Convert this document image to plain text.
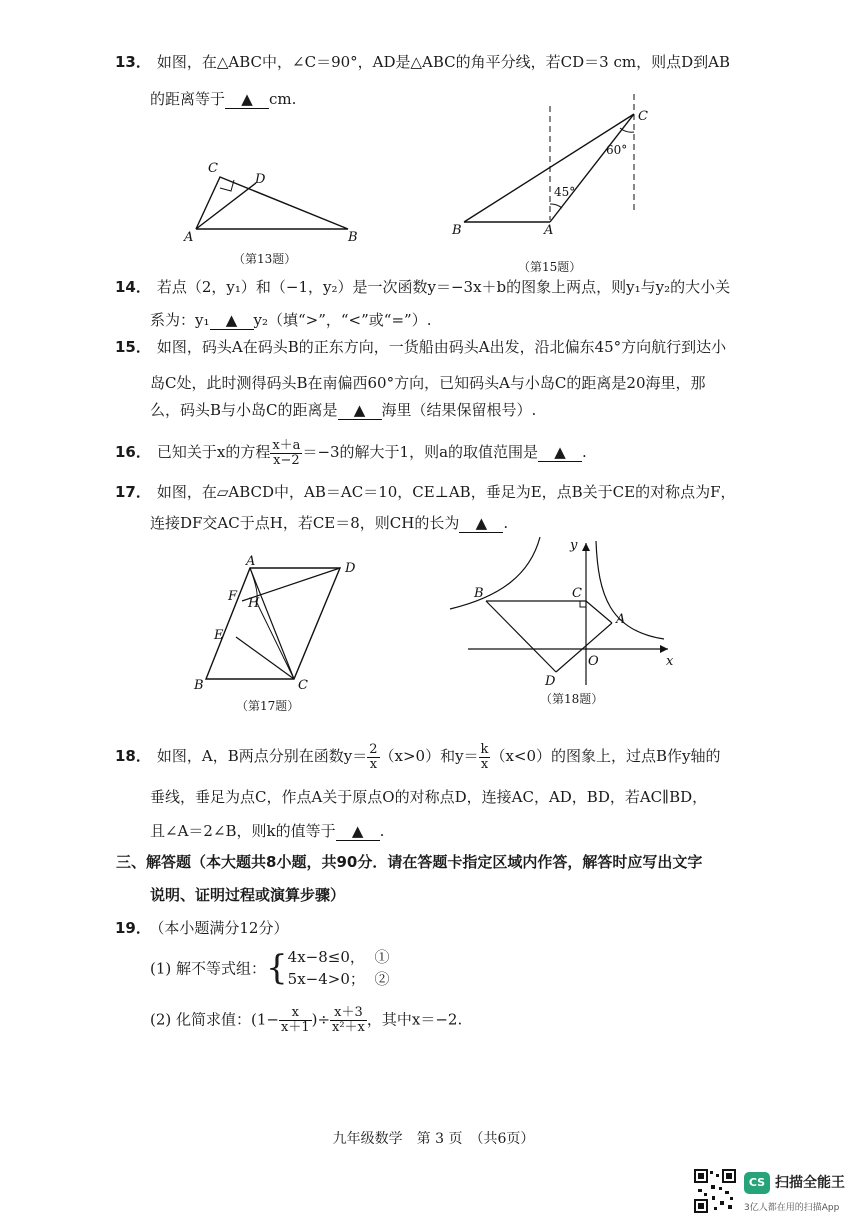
13． 如图，在△ABC中，∠C＝90°，AD是△ABC的角平分线，若CD＝3 cm，则点D到AB
的距离等于 ▲ cm.
A	B
C
D
（第13题）
B	A
C
45°
60°
（第15题）
14． 若点（2，y₁）和（−1，y₂）是一次函数y＝−3x＋b的图象上两点，则y₁与y₂的大小关
系为：y₁ ▲ y₂（填“>”，“<”或“=”）.
15． 如图，码头A在码头B的正东方向，一货船由码头A出发，沿北偏东45°方向航行到达小
岛C处，此时测得码头B在南偏西60°方向，已知码头A与小岛C的距离是20海里，那
么，码头B与小岛C的距离是 ▲ 海里（结果保留根号）.
16． 已知关于x的方程 $\frac{x+a}{x-2} =-3$的解大于1，则a的取值范围是 ▲ .
17． 如图，在▱ABCD中，AB＝AC＝10，CE⊥AB，垂足为E，点B关于CE的对称点为F，
连接DF交AC于点H，若CE＝8，则CH的长为 ▲ .
A	D
F H
E
B	C
（第17题）
B	C
A
O
D
x
y
（第18题）
18． 如图，A，B两点分别在函数$y= \frac{2}{x} (x>0)$和$y= \frac{k}{x} (x<0)$的图象上，过点B作y轴的
垂线，垂足为点C，作点A关于原点O的对称点D，连接AC，AD，BD，若AC∥BD，
且∠A＝2∠B，则k的值等于 ▲ .
三、解答题（本大题共8小题，共90分．请在答题卡指定区域内作答，解答时应写出文字
说明、证明过程或演算步骤）
19． （本小题满分12分）
(1) 解不等式组：{ 4x−8≤0， ①
5x−4>0； ②
(2) 化简求值：($1- \frac{x}{x+1}$ )÷ $\frac{x+3}{\text{x²＋x}}$ ，其中x＝−2.
九年级数学　第 3 页　（共6页）
CS 扫描全能王
3亿人都在用的扫描App
